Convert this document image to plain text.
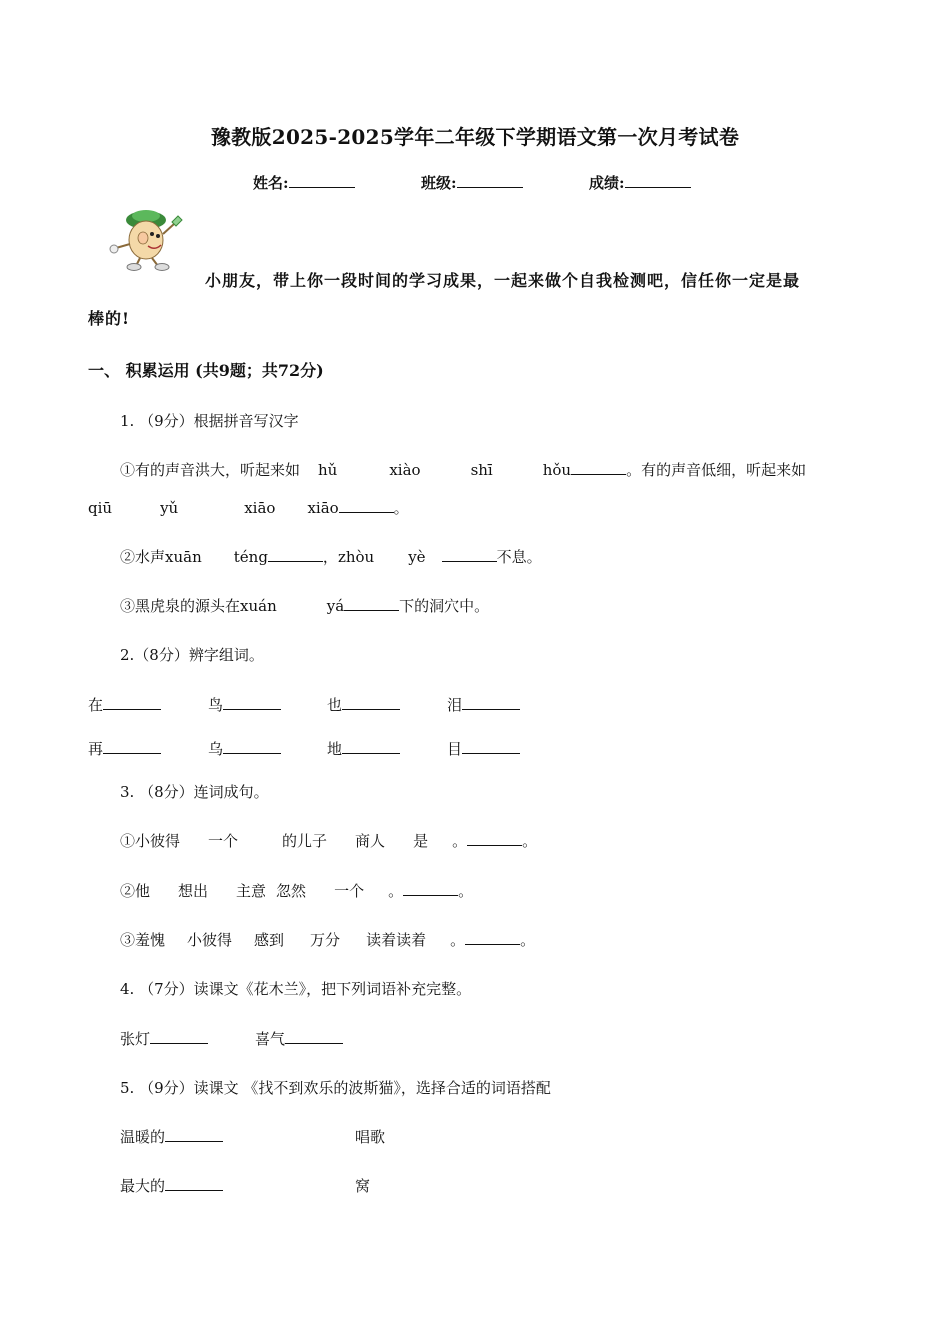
豫教版2025-2025学年二年级下学期语文第一次月考试卷
姓名:	班级:	成绩:
小朋友，带上你一段时间的学习成果，一起来做个自我检测吧，信任你一定是最
棒的!
一、 积累运用 (共9题；共72分)
1. （9分）根据拼音写汉字
①有的声音洪大，听起来如 hǔ	xiào	shī	hǒu	。有的声音低细，听起来如
qiū	yǔ	xiāo xiāo	。
②水声xuān téng	，zhòu yè	不息。
③黑虎泉的源头在xuán	yá	下的洞穴中。
2.（8分）辨字组词。
在	鸟	也	泪
再	乌	地	目
3. （8分）连词成句。
①小彼得 一个	的儿子 商人 是 。	。
②他 想出 主意 忽然 一个 。	。
③羞愧 小彼得 感到 万分 读着读着 。	。
4. （7分）读课文《花木兰》，把下列词语补充完整。
张灯	喜气
5. （9分）读课文 《找不到欢乐的波斯猫》，选择合适的词语搭配
温暖的	唱歌
最大的	窝
